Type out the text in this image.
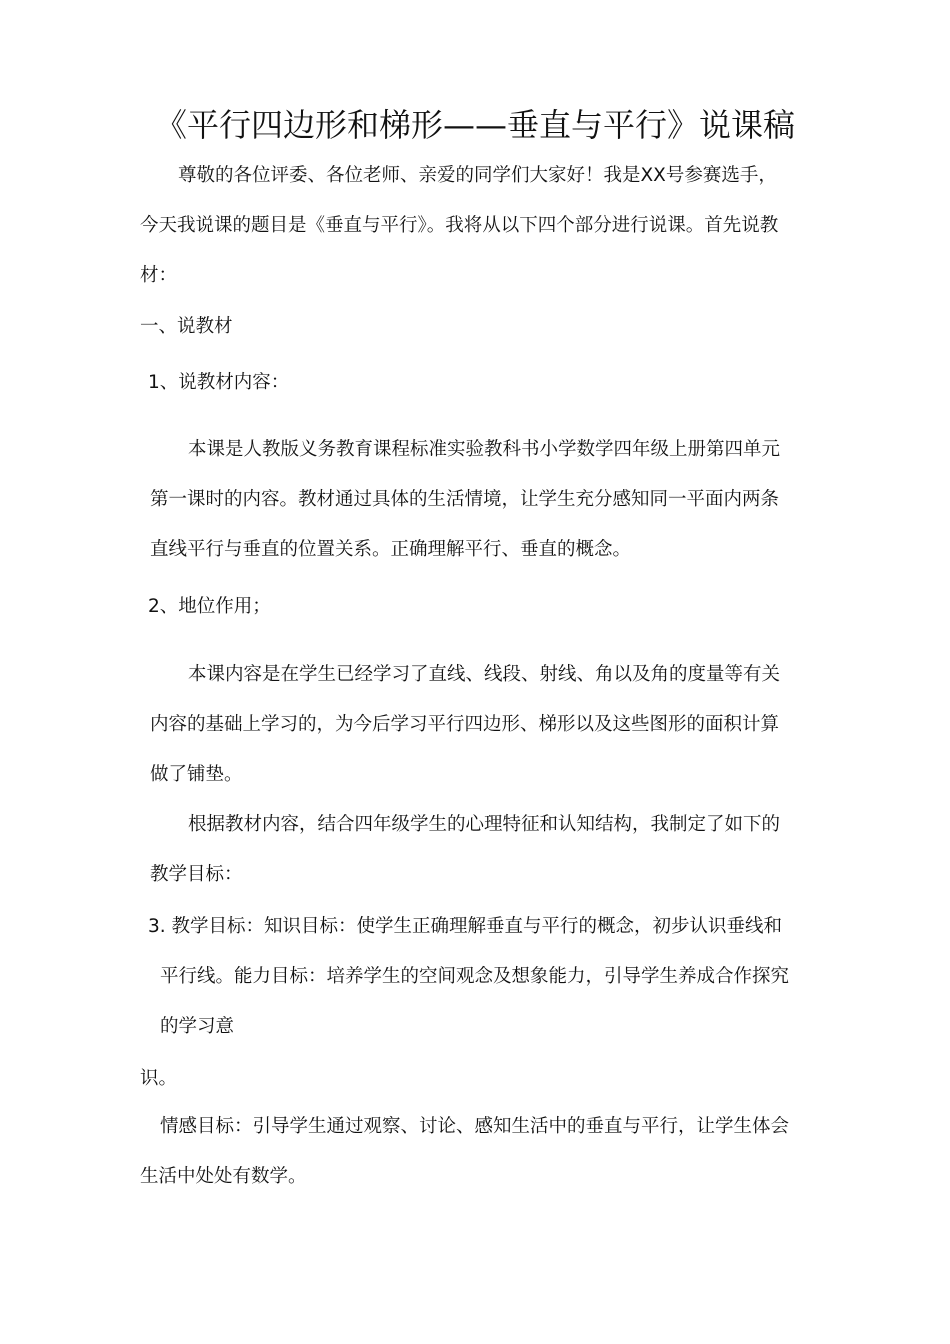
《平行四边形和梯形——垂直与平行》说课稿
尊敬的各位评委、各位老师、亲爱的同学们大家好！我是XX号参赛选手，
今天我说课的题目是《垂直与平行》。我将从以下四个部分进行说课。首先说教
材：
一、说教材
1、说教材内容：
本课是人教版义务教育课程标准实验教科书小学数学四年级上册第四单元
第一课时的内容。教材通过具体的生活情境，让学生充分感知同一平面内两条
直线平行与垂直的位置关系。正确理解平行、垂直的概念。
2、地位作用；
本课内容是在学生已经学习了直线、线段、射线、角以及角的度量等有关
内容的基础上学习的，为今后学习平行四边形、梯形以及这些图形的面积计算
做了铺垫。
根据教材内容，结合四年级学生的心理特征和认知结构，我制定了如下的
教学目标：
3. 教学目标：知识目标：使学生正确理解垂直与平行的概念，初步认识垂线和
平行线。能力目标：培养学生的空间观念及想象能力，引导学生养成合作探究
的学习意
识。
情感目标：引导学生通过观察、讨论、感知生活中的垂直与平行，让学生体会
生活中处处有数学。
